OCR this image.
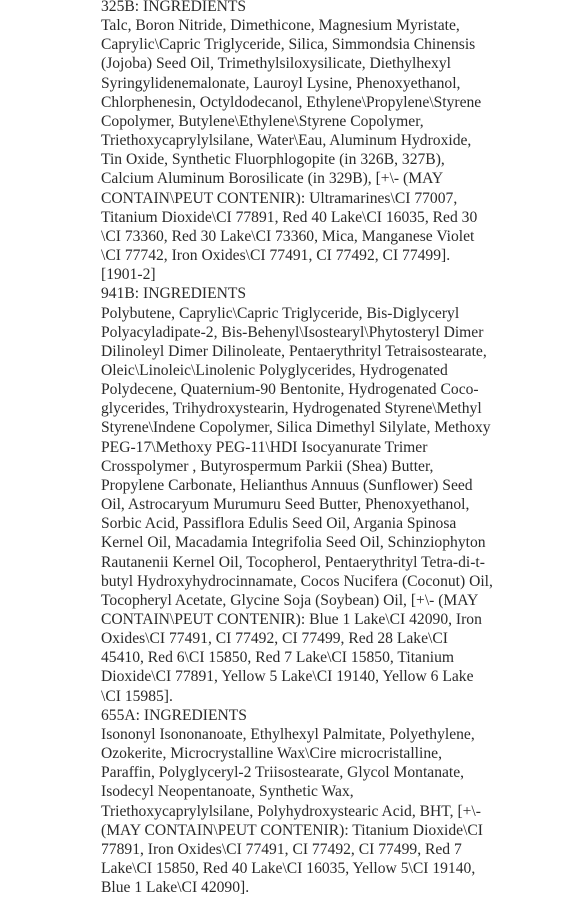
325B: INGREDIENTS
Talc, Boron Nitride, Dimethicone, Magnesium Myristate,
Caprylic\Capric Triglyceride, Silica, Simmondsia Chinensis
(Jojoba) Seed Oil, Trimethylsiloxysilicate, Diethylhexyl
Syringylidenemalonate, Lauroyl Lysine, Phenoxyethanol,
Chlorphenesin, Octyldodecanol, Ethylene\Propylene\Styrene
Copolymer, Butylene\Ethylene\Styrene Copolymer,
Triethoxycaprylylsilane, Water\Eau, Aluminum Hydroxide,
Tin Oxide, Synthetic Fluorphlogopite (in 326B, 327B),
Calcium Aluminum Borosilicate (in 329B), [+\- (MAY
CONTAIN\PEUT CONTENIR): Ultramarines\CI 77007,
Titanium Dioxide\CI 77891, Red 40 Lake\CI 16035, Red 30
\CI 73360, Red 30 Lake\CI 73360, Mica, Manganese Violet
\CI 77742, Iron Oxides\CI 77491, CI 77492, CI 77499].
[1901-2]
941B: INGREDIENTS
Polybutene, Caprylic\Capric Triglyceride, Bis-Diglyceryl
Polyacyladipate-2, Bis-Behenyl\Isostearyl\Phytosteryl Dimer
Dilinoleyl Dimer Dilinoleate, Pentaerythrityl Tetraisostearate,
Oleic\Linoleic\Linolenic Polyglycerides, Hydrogenated
Polydecene, Quaternium-90 Bentonite, Hydrogenated Coco-
glycerides, Trihydroxystearin, Hydrogenated Styrene\Methyl
Styrene\Indene Copolymer, Silica Dimethyl Silylate, Methoxy
PEG-17\Methoxy PEG-11\HDI Isocyanurate Trimer
Crosspolymer , Butyrospermum Parkii (Shea) Butter,
Propylene Carbonate, Helianthus Annuus (Sunflower) Seed
Oil, Astrocaryum Murumuru Seed Butter, Phenoxyethanol,
Sorbic Acid, Passiflora Edulis Seed Oil, Argania Spinosa
Kernel Oil, Macadamia Integrifolia Seed Oil, Schinziophyton
Rautanenii Kernel Oil, Tocopherol, Pentaerythrityl Tetra-di-t-
butyl Hydroxyhydrocinnamate, Cocos Nucifera (Coconut) Oil,
Tocopheryl Acetate, Glycine Soja (Soybean) Oil, [+\- (MAY
CONTAIN\PEUT CONTENIR): Blue 1 Lake\CI 42090, Iron
Oxides\CI 77491, CI 77492, CI 77499, Red 28 Lake\CI
45410, Red 6\CI 15850, Red 7 Lake\CI 15850, Titanium
Dioxide\CI 77891, Yellow 5 Lake\CI 19140, Yellow 6 Lake
\CI 15985].
655A: INGREDIENTS
Isononyl Isononanoate, Ethylhexyl Palmitate, Polyethylene,
Ozokerite, Microcrystalline Wax\Cire microcristalline,
Paraffin, Polyglyceryl-2 Triisostearate, Glycol Montanate,
Isodecyl Neopentanoate, Synthetic Wax,
Triethoxycaprylylsilane, Polyhydroxystearic Acid, BHT, [+\-
(MAY CONTAIN\PEUT CONTENIR): Titanium Dioxide\CI
77891, Iron Oxides\CI 77491, CI 77492, CI 77499, Red 7
Lake\CI 15850, Red 40 Lake\CI 16035, Yellow 5\CI 19140,
Blue 1 Lake\CI 42090].
